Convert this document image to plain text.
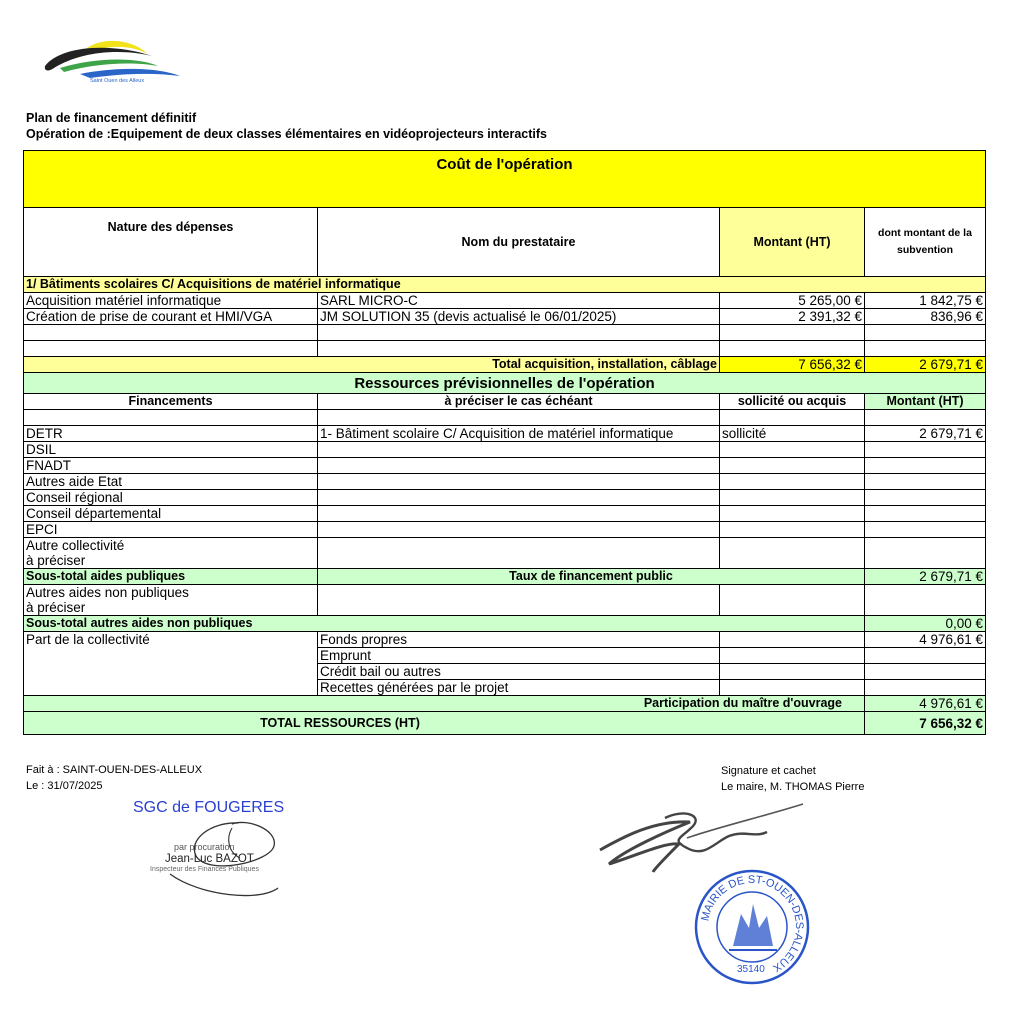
Saint Ouen des Alleux
Plan de financement définitif
Opération de :Equipement de deux classes élémentaires en vidéoprojecteurs interactifs
Coût de l'opération			
Nature des dépenses	Nom du prestataire	Montant (HT)	dont montant de la subvention
1/ Bâtiments scolaires C/ Acquisitions de matériel informatique			
Acquisition matériel informatique	SARL MICRO-C	5 265,00 €	1 842,75 €
Création de prise de courant et HMI/VGA	JM SOLUTION 35 (devis actualisé le 06/01/2025)	2 391,32 €	836,96 €

Total acquisition, installation, câblage		7 656,32 €	2 679,71 €
Ressources prévisionnelles de l'opération			
Financements	à préciser le cas échéant	sollicité ou acquis	Montant (HT)

DETR	1- Bâtiment scolaire C/ Acquisition de matériel informatique	sollicité	2 679,71 €
DSIL			
FNADT			
Autres aide Etat			
Conseil régional			
Conseil départemental			
EPCI			
Autre collectivité			
à préciser			
Sous-total aides publiques	Taux de financement public		2 679,71 €
Autres aides non publiques			
à préciser			
Sous-total autres aides non publiques			0,00 €
Part de la collectivité	Fonds propres		4 976,61 €
	Emprunt		
	Crédit bail ou autres		
	Recettes générées par le projet		
Participation du maître d'ouvrage			4 976,61 €
TOTAL RESSOURCES (HT)			7 656,32 €
Fait à : SAINT-OUEN-DES-ALLEUX
Le : 31/07/2025
SGC de FOUGERES
par procuration
Jean-Luc BAZOT
Inspecteur des Finances Publiques
Signature et cachet
Le maire, M. THOMAS Pierre
MAIRIE DE ST-OUEN-DES-ALLEUX
35140
